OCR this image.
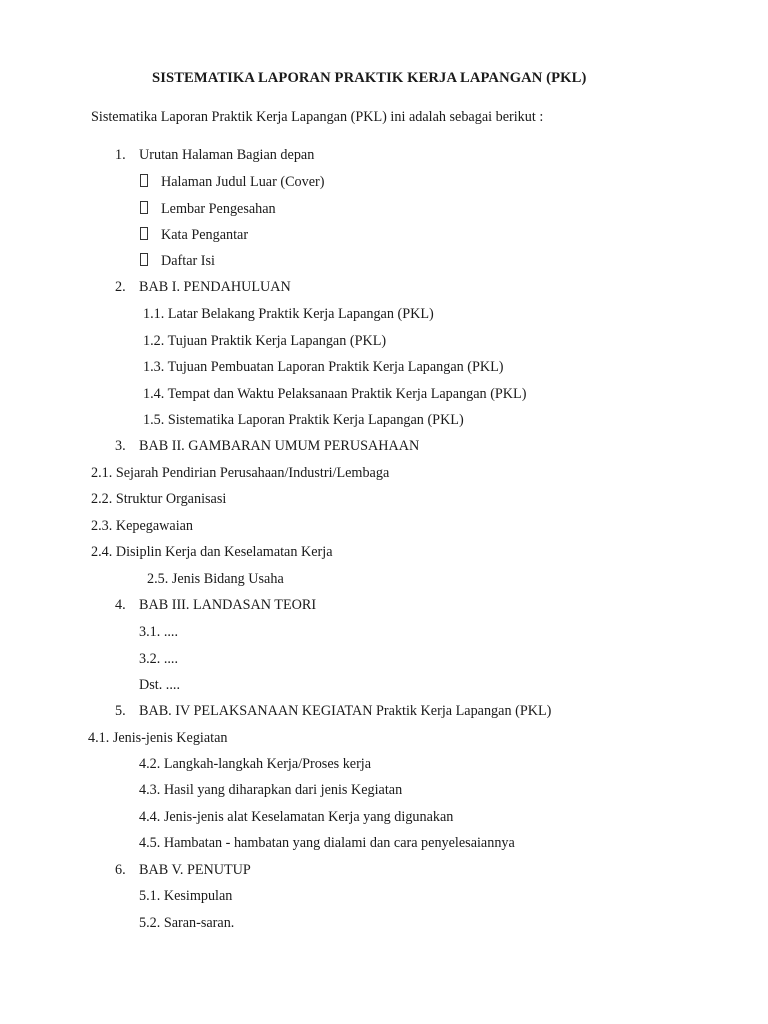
SISTEMATIKA LAPORAN PRAKTIK KERJA LAPANGAN (PKL)
Sistematika Laporan Praktik Kerja Lapangan (PKL) ini adalah sebagai berikut :
1. Urutan Halaman Bagian depan
Halaman Judul Luar (Cover)
Lembar Pengesahan
Kata Pengantar
Daftar Isi
2. BAB I. PENDAHULUAN
1.1. Latar Belakang Praktik Kerja Lapangan (PKL)
1.2. Tujuan Praktik Kerja Lapangan (PKL)
1.3. Tujuan Pembuatan Laporan Praktik Kerja Lapangan (PKL)
1.4. Tempat dan Waktu Pelaksanaan Praktik Kerja Lapangan (PKL)
1.5. Sistematika Laporan Praktik Kerja Lapangan (PKL)
3. BAB II. GAMBARAN UMUM PERUSAHAAN
2.1. Sejarah Pendirian Perusahaan/Industri/Lembaga
2.2. Struktur Organisasi
2.3. Kepegawaian
2.4. Disiplin Kerja dan Keselamatan Kerja
2.5. Jenis Bidang Usaha
4. BAB III. LANDASAN TEORI
3.1. ....
3.2. ....
Dst. ....
5. BAB. IV PELAKSANAAN KEGIATAN Praktik Kerja Lapangan (PKL)
4.1. Jenis-jenis Kegiatan
4.2. Langkah-langkah Kerja/Proses kerja
4.3. Hasil yang diharapkan dari jenis Kegiatan
4.4. Jenis-jenis alat Keselamatan Kerja yang digunakan
4.5. Hambatan - hambatan yang dialami dan cara penyelesaiannya
6. BAB V. PENUTUP
5.1. Kesimpulan
5.2. Saran-saran.
